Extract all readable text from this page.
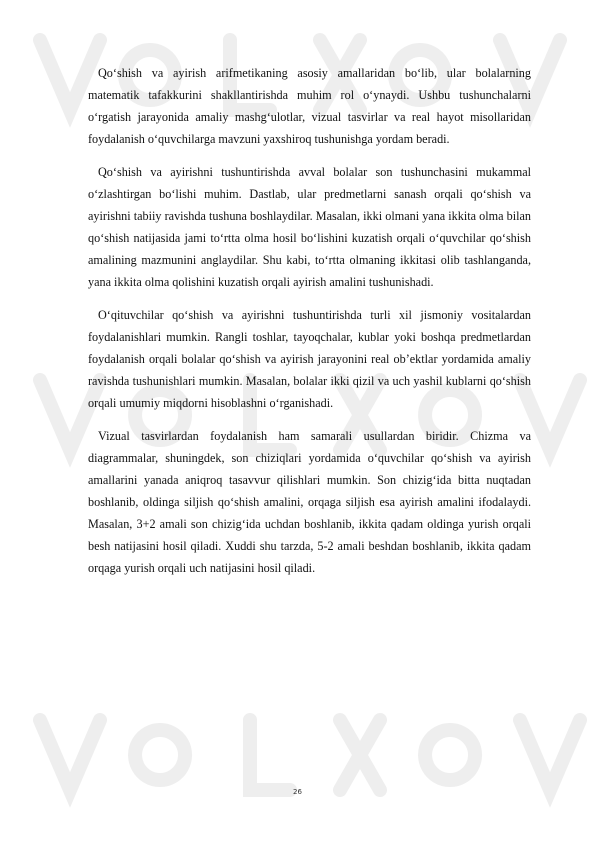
Qo‘shish va ayirish arifmetikaning asosiy amallaridan bo‘lib, ular bolalarning matematik tafakkurini shakllantirishda muhim rol o‘ynaydi. Ushbu tushunchalarni o‘rgatish jarayonida amaliy mashg‘ulotlar, vizual tasvirlar va real hayot misollaridan foydalanish o‘quvchilarga mavzuni yaxshiroq tushunishga yordam beradi.

Qo‘shish va ayirishni tushuntirishda avval bolalar son tushunchasini mukammal o‘zlashtirgan bo‘lishi muhim. Dastlab, ular predmetlarni sanash orqali qo‘shish va ayirishni tabiiy ravishda tushuna boshlaydilar. Masalan, ikki olmani yana ikkita olma bilan qo‘shish natijasida jami to‘rtta olma hosil bo‘lishini kuzatish orqali o‘quvchilar qo‘shish amalining mazmunini anglaydilar. Shu kabi, to‘rtta olmaning ikkitasi olib tashlanganda, yana ikkita olma qolishini kuzatish orqali ayirish amalini tushunishadi.

O‘qituvchilar qo‘shish va ayirishni tushuntirishda turli xil jismoniy vositalardan foydalanishlari mumkin. Rangli toshlar, tayoqchalar, kublar yoki boshqa predmetlardan foydalanish orqali bolalar qo‘shish va ayirish jarayonini real ob’ektlar yordamida amaliy ravishda tushunishlari mumkin. Masalan, bolalar ikki qizil va uch yashil kublarni qo‘shish orqali umumiy miqdorni hisoblashni o‘rganishadi.

Vizual tasvirlardan foydalanish ham samarali usullardan biridir. Chizma va diagrammalar, shuningdek, son chiziqlari yordamida o‘quvchilar qo‘shish va ayirish amallarini yanada aniqroq tasavvur qilishlari mumkin. Son chizig‘ida bitta nuqtadan boshlanib, oldinga siljish qo‘shish amalini, orqaga siljish esa ayirish amalini ifodalaydi. Masalan, 3+2 amali son chizig‘ida uchdan boshlanib, ikkita qadam oldinga yurish orqali besh natijasini hosil qiladi. Xuddi shu tarzda, 5-2 amali beshdan boshlanib, ikkita qadam orqaga yurish orqali uch natijasini hosil qiladi.

26
